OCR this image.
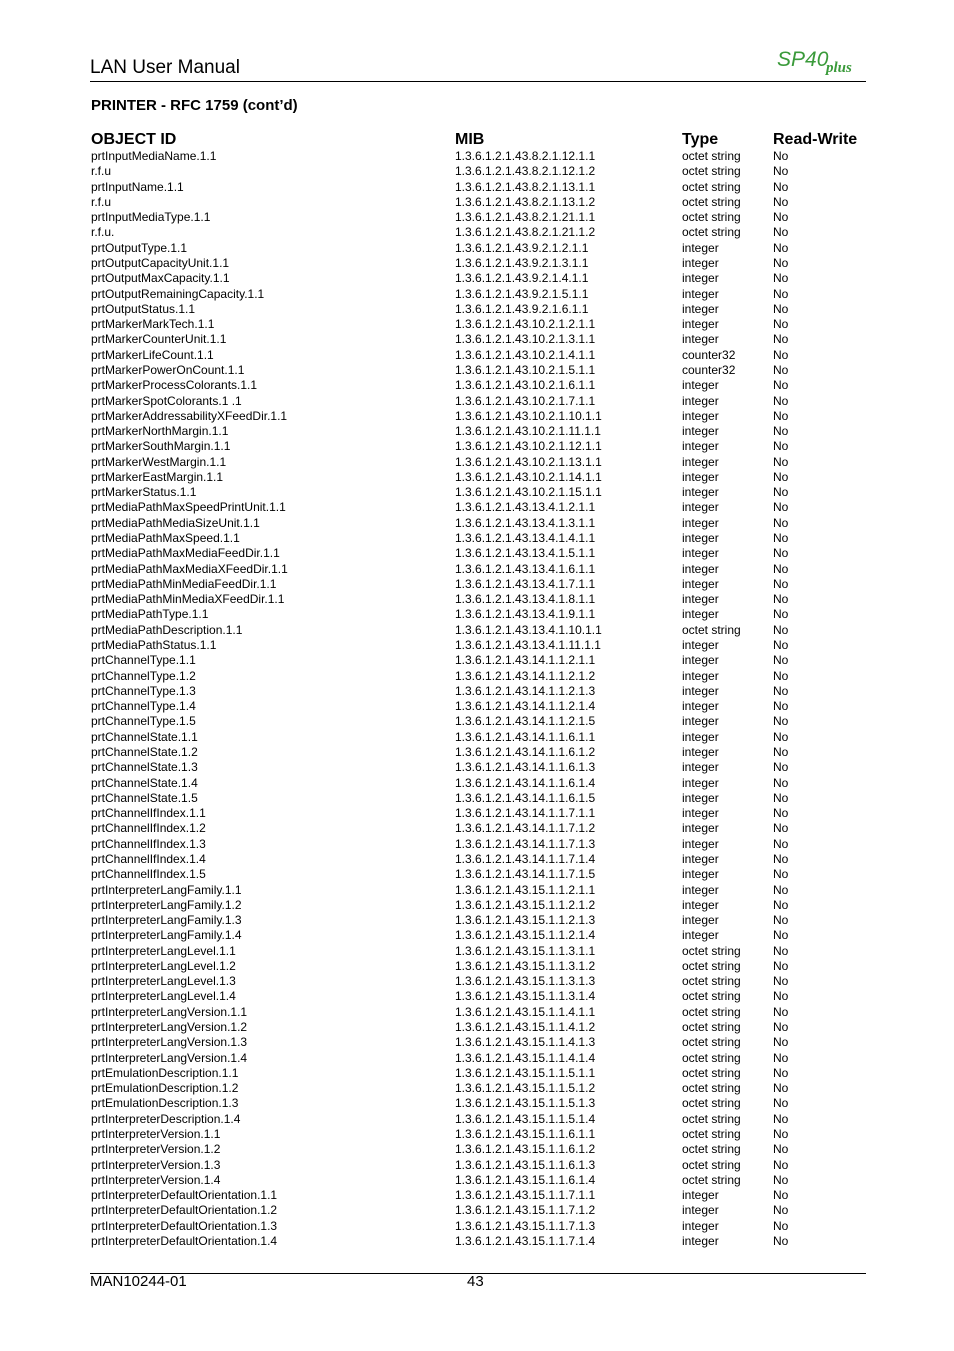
LAN User Manual	SP40
plus
PRINTER - RFC 1759 (cont’d)
OBJECT ID	MIB	Type	Read-Write
prtInputMediaName.1.1	1.3.6.1.2.1.43.8.2.1.12.1.1	octet string	No
r.f.u	1.3.6.1.2.1.43.8.2.1.12.1.2	octet string	No
prtInputName.1.1	1.3.6.1.2.1.43.8.2.1.13.1.1	octet string	No
r.f.u	1.3.6.1.2.1.43.8.2.1.13.1.2	octet string	No
prtInputMediaType.1.1	1.3.6.1.2.1.43.8.2.1.21.1.1	octet string	No
r.f.u.	1.3.6.1.2.1.43.8.2.1.21.1.2	octet string	No
prtOutputType.1.1	1.3.6.1.2.1.43.9.2.1.2.1.1	integer	No
prtOutputCapacityUnit.1.1	1.3.6.1.2.1.43.9.2.1.3.1.1	integer	No
prtOutputMaxCapacity.1.1	1.3.6.1.2.1.43.9.2.1.4.1.1	integer	No
prtOutputRemainingCapacity.1.1	1.3.6.1.2.1.43.9.2.1.5.1.1	integer	No
prtOutputStatus.1.1	1.3.6.1.2.1.43.9.2.1.6.1.1	integer	No
prtMarkerMarkTech.1.1	1.3.6.1.2.1.43.10.2.1.2.1.1	integer	No
prtMarkerCounterUnit.1.1	1.3.6.1.2.1.43.10.2.1.3.1.1	integer	No
prtMarkerLifeCount.1.1	1.3.6.1.2.1.43.10.2.1.4.1.1	counter32	No
prtMarkerPowerOnCount.1.1	1.3.6.1.2.1.43.10.2.1.5.1.1	counter32	No
prtMarkerProcessColorants.1.1	1.3.6.1.2.1.43.10.2.1.6.1.1	integer	No
prtMarkerSpotColorants.1 .1	1.3.6.1.2.1.43.10.2.1.7.1.1	integer	No
prtMarkerAddressabilityXFeedDir.1.1	1.3.6.1.2.1.43.10.2.1.10.1.1	integer	No
prtMarkerNorthMargin.1.1	1.3.6.1.2.1.43.10.2.1.11.1.1	integer	No
prtMarkerSouthMargin.1.1	1.3.6.1.2.1.43.10.2.1.12.1.1	integer	No
prtMarkerWestMargin.1.1	1.3.6.1.2.1.43.10.2.1.13.1.1	integer	No
prtMarkerEastMargin.1.1	1.3.6.1.2.1.43.10.2.1.14.1.1	integer	No
prtMarkerStatus.1.1	1.3.6.1.2.1.43.10.2.1.15.1.1	integer	No
prtMediaPathMaxSpeedPrintUnit.1.1	1.3.6.1.2.1.43.13.4.1.2.1.1	integer	No
prtMediaPathMediaSizeUnit.1.1	1.3.6.1.2.1.43.13.4.1.3.1.1	integer	No
prtMediaPathMaxSpeed.1.1	1.3.6.1.2.1.43.13.4.1.4.1.1	integer	No
prtMediaPathMaxMediaFeedDir.1.1	1.3.6.1.2.1.43.13.4.1.5.1.1	integer	No
prtMediaPathMaxMediaXFeedDir.1.1	1.3.6.1.2.1.43.13.4.1.6.1.1	integer	No
prtMediaPathMinMediaFeedDir.1.1	1.3.6.1.2.1.43.13.4.1.7.1.1	integer	No
prtMediaPathMinMediaXFeedDir.1.1	1.3.6.1.2.1.43.13.4.1.8.1.1	integer	No
prtMediaPathType.1.1	1.3.6.1.2.1.43.13.4.1.9.1.1	integer	No
prtMediaPathDescription.1.1	1.3.6.1.2.1.43.13.4.1.10.1.1	octet string	No
prtMediaPathStatus.1.1	1.3.6.1.2.1.43.13.4.1.11.1.1	integer	No
prtChannelType.1.1	1.3.6.1.2.1.43.14.1.1.2.1.1	integer	No
prtChannelType.1.2	1.3.6.1.2.1.43.14.1.1.2.1.2	integer	No
prtChannelType.1.3	1.3.6.1.2.1.43.14.1.1.2.1.3	integer	No
prtChannelType.1.4	1.3.6.1.2.1.43.14.1.1.2.1.4	integer	No
prtChannelType.1.5	1.3.6.1.2.1.43.14.1.1.2.1.5	integer	No
prtChannelState.1.1	1.3.6.1.2.1.43.14.1.1.6.1.1	integer	No
prtChannelState.1.2	1.3.6.1.2.1.43.14.1.1.6.1.2	integer	No
prtChannelState.1.3	1.3.6.1.2.1.43.14.1.1.6.1.3	integer	No
prtChannelState.1.4	1.3.6.1.2.1.43.14.1.1.6.1.4	integer	No
prtChannelState.1.5	1.3.6.1.2.1.43.14.1.1.6.1.5	integer	No
prtChannelIfIndex.1.1	1.3.6.1.2.1.43.14.1.1.7.1.1	integer	No
prtChannelIfIndex.1.2	1.3.6.1.2.1.43.14.1.1.7.1.2	integer	No
prtChannelIfIndex.1.3	1.3.6.1.2.1.43.14.1.1.7.1.3	integer	No
prtChannelIfIndex.1.4	1.3.6.1.2.1.43.14.1.1.7.1.4	integer	No
prtChannelIfIndex.1.5	1.3.6.1.2.1.43.14.1.1.7.1.5	integer	No
prtInterpreterLangFamily.1.1	1.3.6.1.2.1.43.15.1.1.2.1.1	integer	No
prtInterpreterLangFamily.1.2	1.3.6.1.2.1.43.15.1.1.2.1.2	integer	No
prtInterpreterLangFamily.1.3	1.3.6.1.2.1.43.15.1.1.2.1.3	integer	No
prtInterpreterLangFamily.1.4	1.3.6.1.2.1.43.15.1.1.2.1.4	integer	No
prtInterpreterLangLevel.1.1	1.3.6.1.2.1.43.15.1.1.3.1.1	octet string	No
prtInterpreterLangLevel.1.2	1.3.6.1.2.1.43.15.1.1.3.1.2	octet string	No
prtInterpreterLangLevel.1.3	1.3.6.1.2.1.43.15.1.1.3.1.3	octet string	No
prtInterpreterLangLevel.1.4	1.3.6.1.2.1.43.15.1.1.3.1.4	octet string	No
prtInterpreterLangVersion.1.1	1.3.6.1.2.1.43.15.1.1.4.1.1	octet string	No
prtInterpreterLangVersion.1.2	1.3.6.1.2.1.43.15.1.1.4.1.2	octet string	No
prtInterpreterLangVersion.1.3	1.3.6.1.2.1.43.15.1.1.4.1.3	octet string	No
prtInterpreterLangVersion.1.4	1.3.6.1.2.1.43.15.1.1.4.1.4	octet string	No
prtEmulationDescription.1.1	1.3.6.1.2.1.43.15.1.1.5.1.1	octet string	No
prtEmulationDescription.1.2	1.3.6.1.2.1.43.15.1.1.5.1.2	octet string	No
prtEmulationDescription.1.3	1.3.6.1.2.1.43.15.1.1.5.1.3	octet string	No
prtInterpreterDescription.1.4	1.3.6.1.2.1.43.15.1.1.5.1.4	octet string	No
prtInterpreterVersion.1.1	1.3.6.1.2.1.43.15.1.1.6.1.1	octet string	No
prtInterpreterVersion.1.2	1.3.6.1.2.1.43.15.1.1.6.1.2	octet string	No
prtInterpreterVersion.1.3	1.3.6.1.2.1.43.15.1.1.6.1.3	octet string	No
prtInterpreterVersion.1.4	1.3.6.1.2.1.43.15.1.1.6.1.4	octet string	No
prtInterpreterDefaultOrientation.1.1	1.3.6.1.2.1.43.15.1.1.7.1.1	integer	No
prtInterpreterDefaultOrientation.1.2	1.3.6.1.2.1.43.15.1.1.7.1.2	integer	No
prtInterpreterDefaultOrientation.1.3	1.3.6.1.2.1.43.15.1.1.7.1.3	integer	No
prtInterpreterDefaultOrientation.1.4	1.3.6.1.2.1.43.15.1.1.7.1.4	integer	No
MAN10244-01	43
